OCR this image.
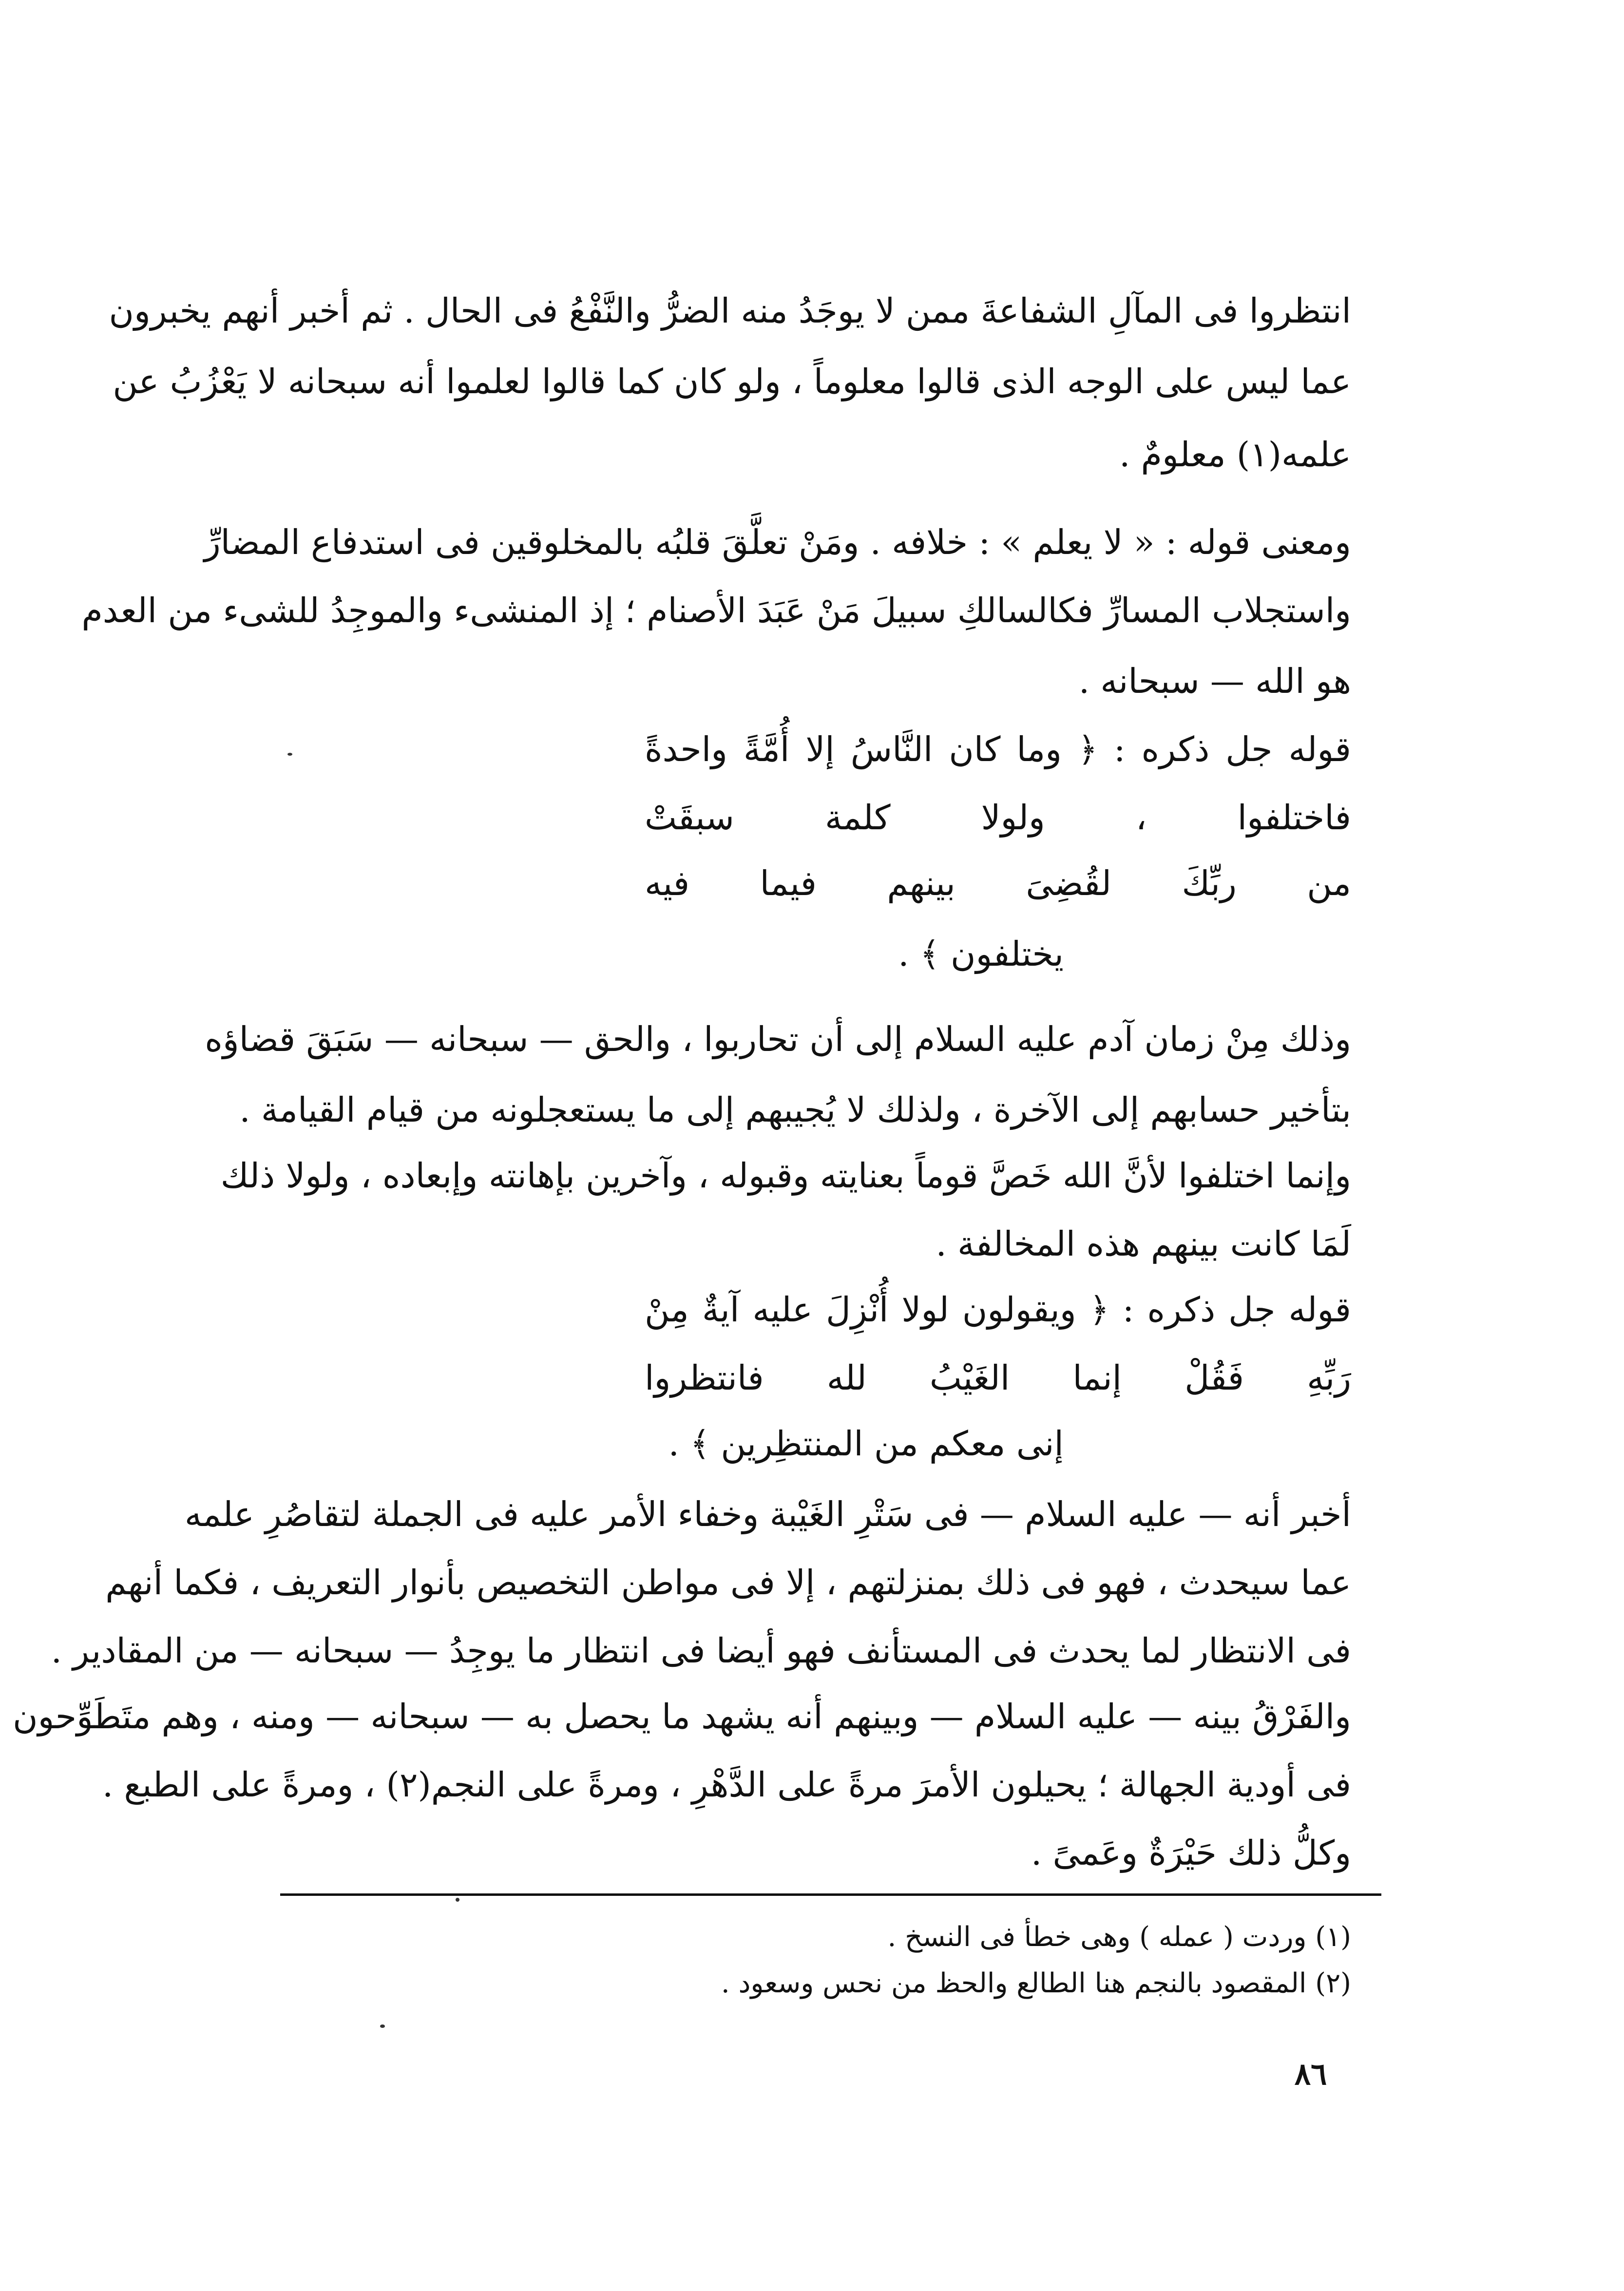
انتظروا فى المآلِ الشفاعةَ ممن لا يوجَدُ منه الضرُّ والنَّفْعُ فى الحال . ثم أخبر أنهم يخبرون
عما ليس على الوجه الذى قالوا معلوماً ، ولو كان كما قالوا لعلموا أنه سبحانه لا يَعْزُبُ عن
علمه(١) معلومٌ .
ومعنى قوله : « لا يعلم » : خلافه . ومَنْ تعلَّقَ قلبُه بالمخلوقين فى استدفاع المضارِّ
واستجلاب المسارِّ فكالسالكِ سبيلَ مَنْ عَبَدَ الأصنام ؛ إذ المنشىء والموجِدُ للشىء من العدم
هو الله — سبحانه .
قوله جل ذكره : ﴿ وما كان النَّاسُ إلا أُمَّةً واحدةً
فاختلفوا ، ولولا كلمة سبقَتْ
من ربِّكَ لقُضِىَ بينهم فيما فيه
يختلفون ﴾ .
وذلك مِنْ زمان آدم عليه السلام إلى أن تحاربوا ، والحق — سبحانه — سَبَقَ قضاؤه
بتأخير حسابهم إلى الآخرة ، ولذلك لا يُجيبهم إلى ما يستعجلونه من قيام القيامة .
وإنما اختلفوا لأنَّ الله خَصَّ قوماً بعنايته وقبوله ، وآخرين بإهانته وإبعاده ، ولولا ذلك
لَمَا كانت بينهم هذه المخالفة .
قوله جل ذكره : ﴿ ويقولون لولا أُنْزِلَ عليه آيةٌ مِنْ
رَبِّهِ فَقُلْ إنما الغَيْبُ لله فانتظروا
إنى معكم من المنتظِرين ﴾ .
أخبر أنه — عليه السلام — فى سَتْرِ الغَيْبة وخفاء الأمر عليه فى الجملة لتقاصُرِ علمه
عما سيحدث ، فهو فى ذلك بمنزلتهم ، إلا فى مواطن التخصيص بأنوار التعريف ، فكما أنهم
فى الانتظار لما يحدث فى المستأنف فهو أيضا فى انتظار ما يوجِدُ — سبحانه — من المقادير .
والفَرْقُ بينه — عليه السلام — وبينهم أنه يشهد ما يحصل به — سبحانه — ومنه ، وهم متَطَوِّحون
فى أودية الجهالة ؛ يحيلون الأمرَ مرةً على الدَّهْرِ ، ومرةً على النجم(٢) ، ومرةً على الطبع .
وكلُّ ذلك حَيْرَةٌ وعَمىً .
(١) وردت ( عمله ) وهى خطأ فى النسخ .
(٢) المقصود بالنجم هنا الطالع والحظ من نحس وسعود .
٨٦
